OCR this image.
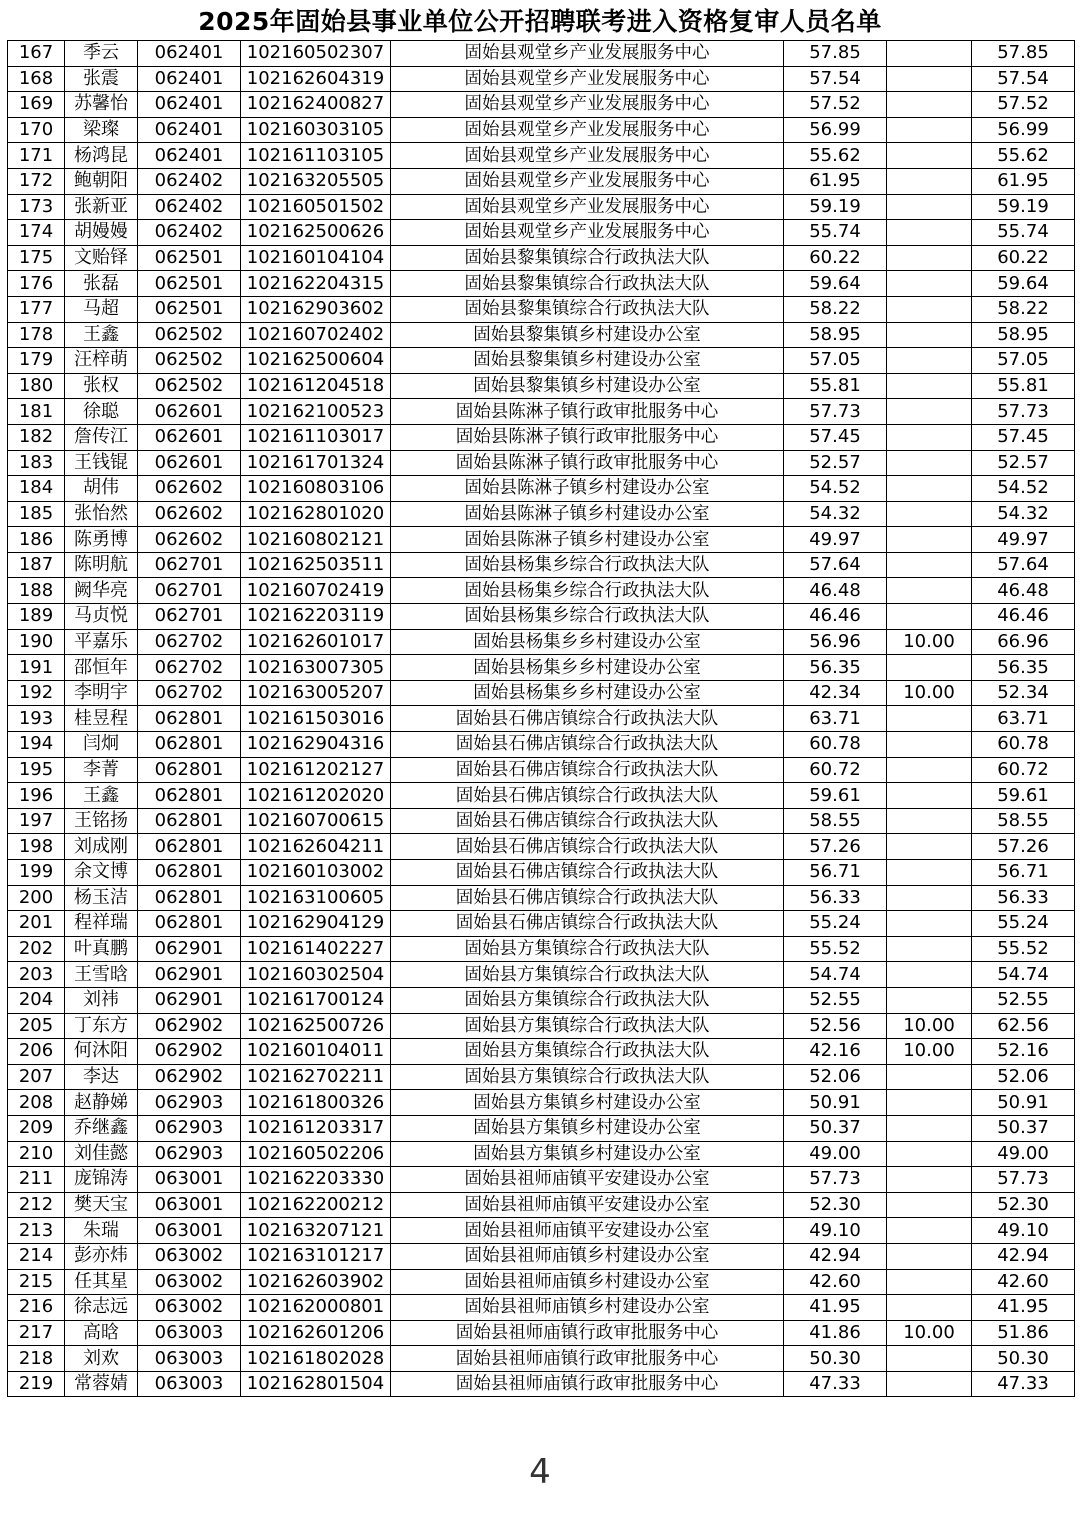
2025年固始县事业单位公开招聘联考进入资格复审人员名单
167	季云	062401	102160502307	固始县观堂乡产业发展服务中心	57.85		57.85
168	张震	062401	102162604319	固始县观堂乡产业发展服务中心	57.54		57.54
169	苏馨怡	062401	102162400827	固始县观堂乡产业发展服务中心	57.52		57.52
170	梁璨	062401	102160303105	固始县观堂乡产业发展服务中心	56.99		56.99
171	杨鸿昆	062401	102161103105	固始县观堂乡产业发展服务中心	55.62		55.62
172	鲍朝阳	062402	102163205505	固始县观堂乡产业发展服务中心	61.95		61.95
173	张新亚	062402	102160501502	固始县观堂乡产业发展服务中心	59.19		59.19
174	胡嫚嫚	062402	102162500626	固始县观堂乡产业发展服务中心	55.74		55.74
175	文贻铎	062501	102160104104	固始县黎集镇综合行政执法大队	60.22		60.22
176	张磊	062501	102162204315	固始县黎集镇综合行政执法大队	59.64		59.64
177	马超	062501	102162903602	固始县黎集镇综合行政执法大队	58.22		58.22
178	王鑫	062502	102160702402	固始县黎集镇乡村建设办公室	58.95		58.95
179	汪梓萌	062502	102162500604	固始县黎集镇乡村建设办公室	57.05		57.05
180	张权	062502	102161204518	固始县黎集镇乡村建设办公室	55.81		55.81
181	徐聪	062601	102162100523	固始县陈淋子镇行政审批服务中心	57.73		57.73
182	詹传江	062601	102161103017	固始县陈淋子镇行政审批服务中心	57.45		57.45
183	王钱锟	062601	102161701324	固始县陈淋子镇行政审批服务中心	52.57		52.57
184	胡伟	062602	102160803106	固始县陈淋子镇乡村建设办公室	54.52		54.52
185	张怡然	062602	102162801020	固始县陈淋子镇乡村建设办公室	54.32		54.32
186	陈勇博	062602	102160802121	固始县陈淋子镇乡村建设办公室	49.97		49.97
187	陈明航	062701	102162503511	固始县杨集乡综合行政执法大队	57.64		57.64
188	阙华亮	062701	102160702419	固始县杨集乡综合行政执法大队	46.48		46.48
189	马贞悦	062701	102162203119	固始县杨集乡综合行政执法大队	46.46		46.46
190	平嘉乐	062702	102162601017	固始县杨集乡乡村建设办公室	56.96	10.00	66.96
191	邵恒年	062702	102163007305	固始县杨集乡乡村建设办公室	56.35		56.35
192	李明宇	062702	102163005207	固始县杨集乡乡村建设办公室	42.34	10.00	52.34
193	桂昱程	062801	102161503016	固始县石佛店镇综合行政执法大队	63.71		63.71
194	闫炯	062801	102162904316	固始县石佛店镇综合行政执法大队	60.78		60.78
195	李菁	062801	102161202127	固始县石佛店镇综合行政执法大队	60.72		60.72
196	王鑫	062801	102161202020	固始县石佛店镇综合行政执法大队	59.61		59.61
197	王铭扬	062801	102160700615	固始县石佛店镇综合行政执法大队	58.55		58.55
198	刘成刚	062801	102162604211	固始县石佛店镇综合行政执法大队	57.26		57.26
199	余文博	062801	102160103002	固始县石佛店镇综合行政执法大队	56.71		56.71
200	杨玉洁	062801	102163100605	固始县石佛店镇综合行政执法大队	56.33		56.33
201	程祥瑞	062801	102162904129	固始县石佛店镇综合行政执法大队	55.24		55.24
202	叶真鹏	062901	102161402227	固始县方集镇综合行政执法大队	55.52		55.52
203	王雪晗	062901	102160302504	固始县方集镇综合行政执法大队	54.74		54.74
204	刘祎	062901	102161700124	固始县方集镇综合行政执法大队	52.55		52.55
205	丁东方	062902	102162500726	固始县方集镇综合行政执法大队	52.56	10.00	62.56
206	何沐阳	062902	102160104011	固始县方集镇综合行政执法大队	42.16	10.00	52.16
207	李达	062902	102162702211	固始县方集镇综合行政执法大队	52.06		52.06
208	赵静娣	062903	102161800326	固始县方集镇乡村建设办公室	50.91		50.91
209	乔继鑫	062903	102161203317	固始县方集镇乡村建设办公室	50.37		50.37
210	刘佳懿	062903	102160502206	固始县方集镇乡村建设办公室	49.00		49.00
211	庞锦涛	063001	102162203330	固始县祖师庙镇平安建设办公室	57.73		57.73
212	樊天宝	063001	102162200212	固始县祖师庙镇平安建设办公室	52.30		52.30
213	朱瑞	063001	102163207121	固始县祖师庙镇平安建设办公室	49.10		49.10
214	彭亦炜	063002	102163101217	固始县祖师庙镇乡村建设办公室	42.94		42.94
215	任其星	063002	102162603902	固始县祖师庙镇乡村建设办公室	42.60		42.60
216	徐志远	063002	102162000801	固始县祖师庙镇乡村建设办公室	41.95		41.95
217	高晗	063003	102162601206	固始县祖师庙镇行政审批服务中心	41.86	10.00	51.86
218	刘欢	063003	102161802028	固始县祖师庙镇行政审批服务中心	50.30		50.30
219	常蓉婧	063003	102162801504	固始县祖师庙镇行政审批服务中心	47.33		47.33
4
